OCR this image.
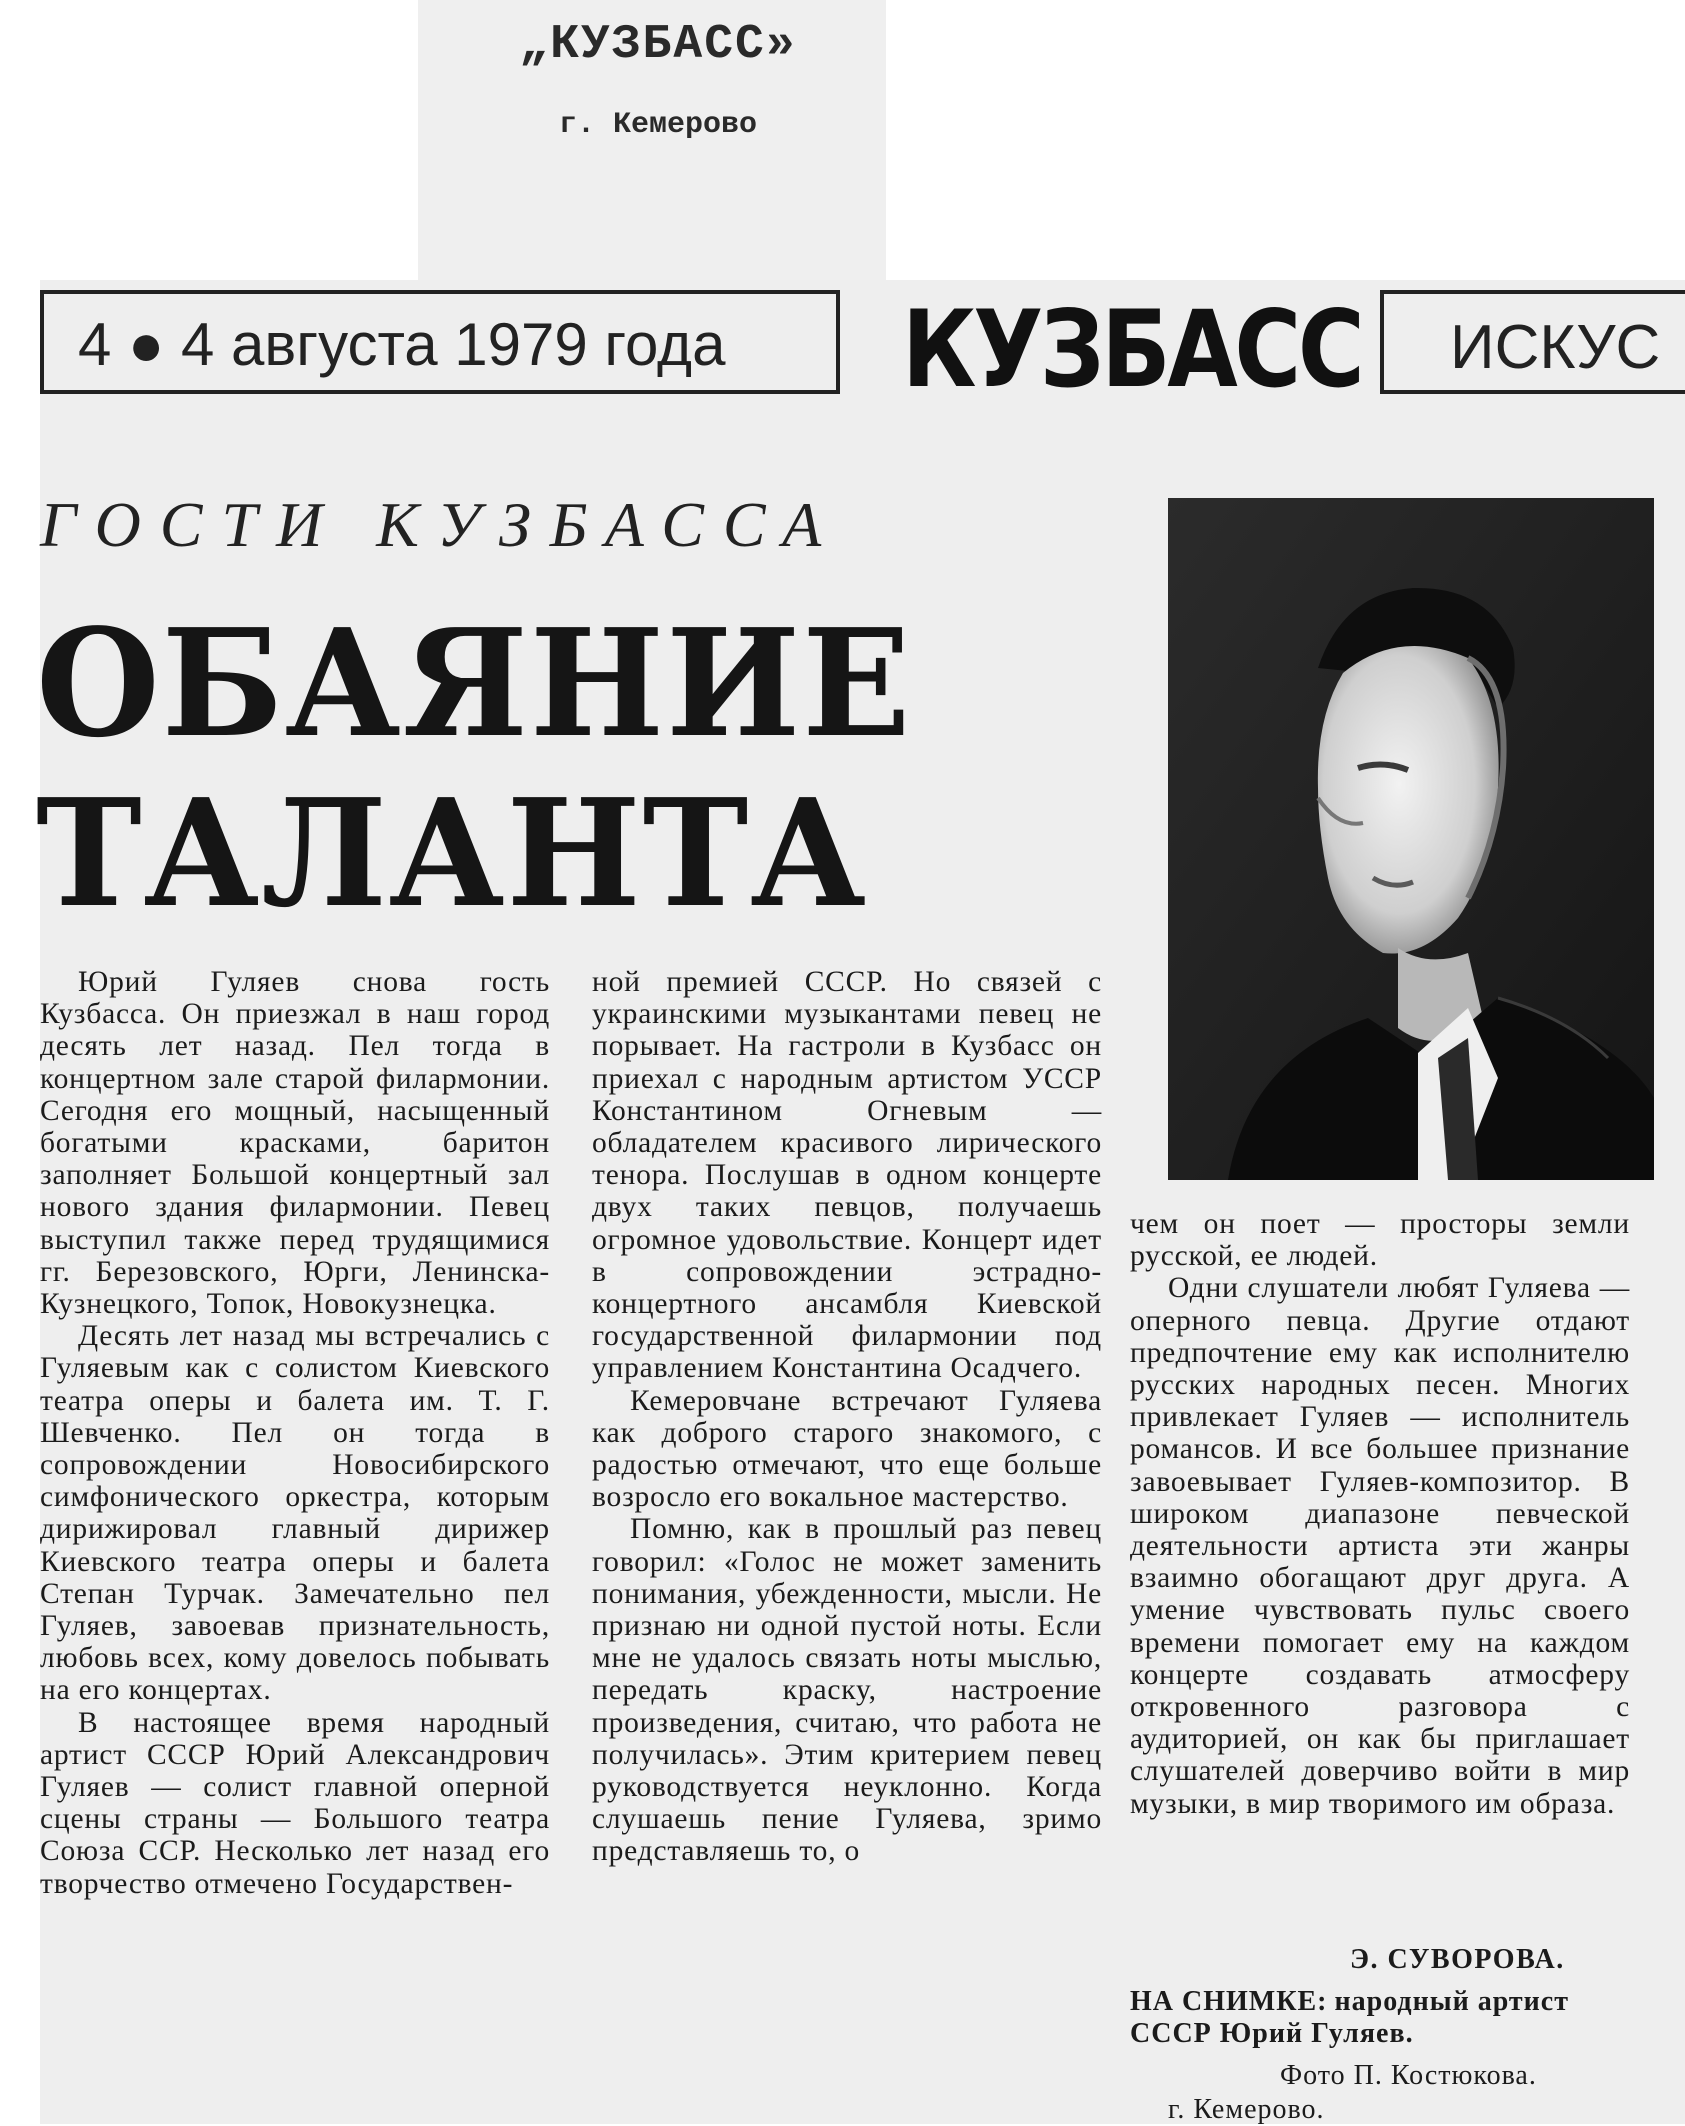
„КУЗБАСС»
г. Кемерово
4 ● 4 августа 1979 года КУЗБАСС ИСКУС
ГОСТИ КУЗБАССА
ОБАЯНИЕ
ТАЛАНТА

Юрий Гуляев снова гость Кузбасса. Он приезжал в наш город десять лет назад. Пел тогда в концертном зале старой филармонии. Сегодня его мощный, насыщенный богатыми красками, баритон заполняет Большой концертный зал нового здания филармонии. Певец выступил также перед трудящимися гг. Березовского, Юрги, Ленинска-Кузнецкого, Топок, Новокузнецка.

Десять лет назад мы встречались с Гуляевым как с солистом Киевского театра оперы и балета им. Т. Г. Шевченко. Пел он тогда в сопровождении Новосибирского симфонического оркестра, которым дирижировал главный дирижер Киевского театра оперы и балета Степан Турчак. Замечательно пел Гуляев, завоевав признательность, любовь всех, кому довелось побывать на его концертах.

В настоящее время народный артист СССР Юрий Александрович Гуляев — солист главной оперной сцены страны — Большого театра Союза ССР. Несколько лет назад его творчество отмечено Государствен-

ной премией СССР. Но связей с украинскими музыкантами певец не порывает. На гастроли в Кузбасс он приехал с народным артистом УССР Константином Огневым — обладателем красивого лирического тенора. Послушав в одном концерте двух таких певцов, получаешь огромное удовольствие. Концерт идет в сопровождении эстрадно-концертного ансамбля Киевской государственной филармонии под управлением Константина Осадчего.

Кемеровчане встречают Гуляева как доброго старого знакомого, с радостью отмечают, что еще больше возросло его вокальное мастерство.

Помню, как в прошлый раз певец говорил: «Голос не может заменить понимания, убежденности, мысли. Не признаю ни одной пустой ноты. Если мне не удалось связать ноты мыслью, передать краску, настроение произведения, считаю, что работа не получилась». Этим критерием певец руководствуется неуклонно. Когда слушаешь пение Гуляева, зримо представляешь то, о

чем он поет — просторы земли русской, ее людей.

Одни слушатели любят Гуляева — оперного певца. Другие отдают предпочтение ему как исполнителю русских народных песен. Многих привлекает Гуляев — исполнитель романсов. И все большее признание завоевывает Гуляев-композитор. В широком диапазоне певческой деятельности артиста эти жанры взаимно обогащают друг друга. А умение чувствовать пульс своего времени помогает ему на каждом концерте создавать атмосферу откровенного разговора с аудиторией, он как бы приглашает слушателей доверчиво войти в мир музыки, в мир творимого им образа.

Э. СУВОРОВА.
НА СНИМКЕ: народный артист СССР Юрий Гуляев.
Фото П. Костюкова.
г. Кемерово.
